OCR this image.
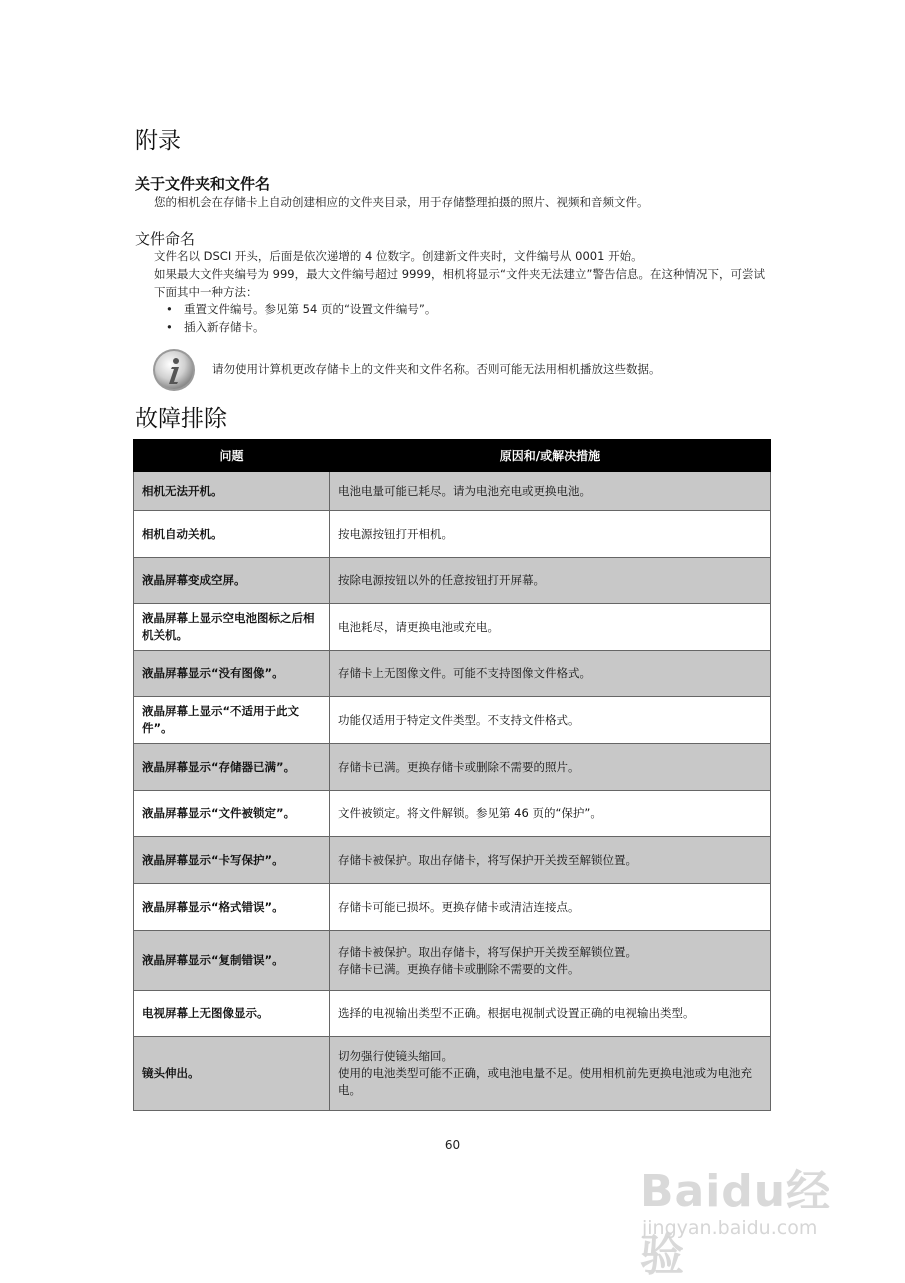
附录
关于文件夹和文件名

您的相机会在存储卡上自动创建相应的文件夹目录，用于存储整理拍摄的照片、视频和音频文件。

文件命名

文件名以 DSCI 开头，后面是依次递增的 4 位数字。创建新文件夹时，文件编号从 0001 开始。

如果最大文件夹编号为 999，最大文件编号超过 9999，相机将显示“文件夹无法建立”警告信息。在这种情况下，可尝试下面其中一种方法：

• 重置文件编号。参见第 54 页的“设置文件编号”。
• 插入新存储卡。
请勿使用计算机更改存储卡上的文件夹和文件名称。否则可能无法用相机播放这些数据。
故障排除
问题	原因和/或解决措施
相机无法开机。	电池电量可能已耗尽。请为电池充电或更换电池。

相机自动关机。	按电源按钮打开相机。

液晶屏幕变成空屏。	按除电源按钮以外的任意按钮打开屏幕。

液晶屏幕上显示空电池图标之后相机关机。	电池耗尽，请更换电池或充电。

液晶屏幕显示“没有图像”。	存储卡上无图像文件。可能不支持图像文件格式。

液晶屏幕上显示“不适用于此文件”。	功能仅适用于特定文件类型。不支持文件格式。

液晶屏幕显示“存储器已满”。	存储卡已满。更换存储卡或删除不需要的照片。

液晶屏幕显示“文件被锁定”。	文件被锁定。将文件解锁。参见第 46 页的“保护”。

液晶屏幕显示“卡写保护”。	存储卡被保护。取出存储卡，将写保护开关拨至解锁位置。

液晶屏幕显示“格式错误”。	存储卡可能已损坏。更换存储卡或清洁连接点。

液晶屏幕显示“复制错误”。	存储卡被保护。取出存储卡，将写保护开关拨至解锁位置。
存储卡已满。更换存储卡或删除不需要的文件。

电视屏幕上无图像显示。	选择的电视输出类型不正确。根据电视制式设置正确的电视输出类型。

镜头伸出。	切勿强行使镜头缩回。
使用的电池类型可能不正确，或电池电量不足。使用相机前先更换电池或为电池充电。
60
Baidu经验
jingyan.baidu.com
